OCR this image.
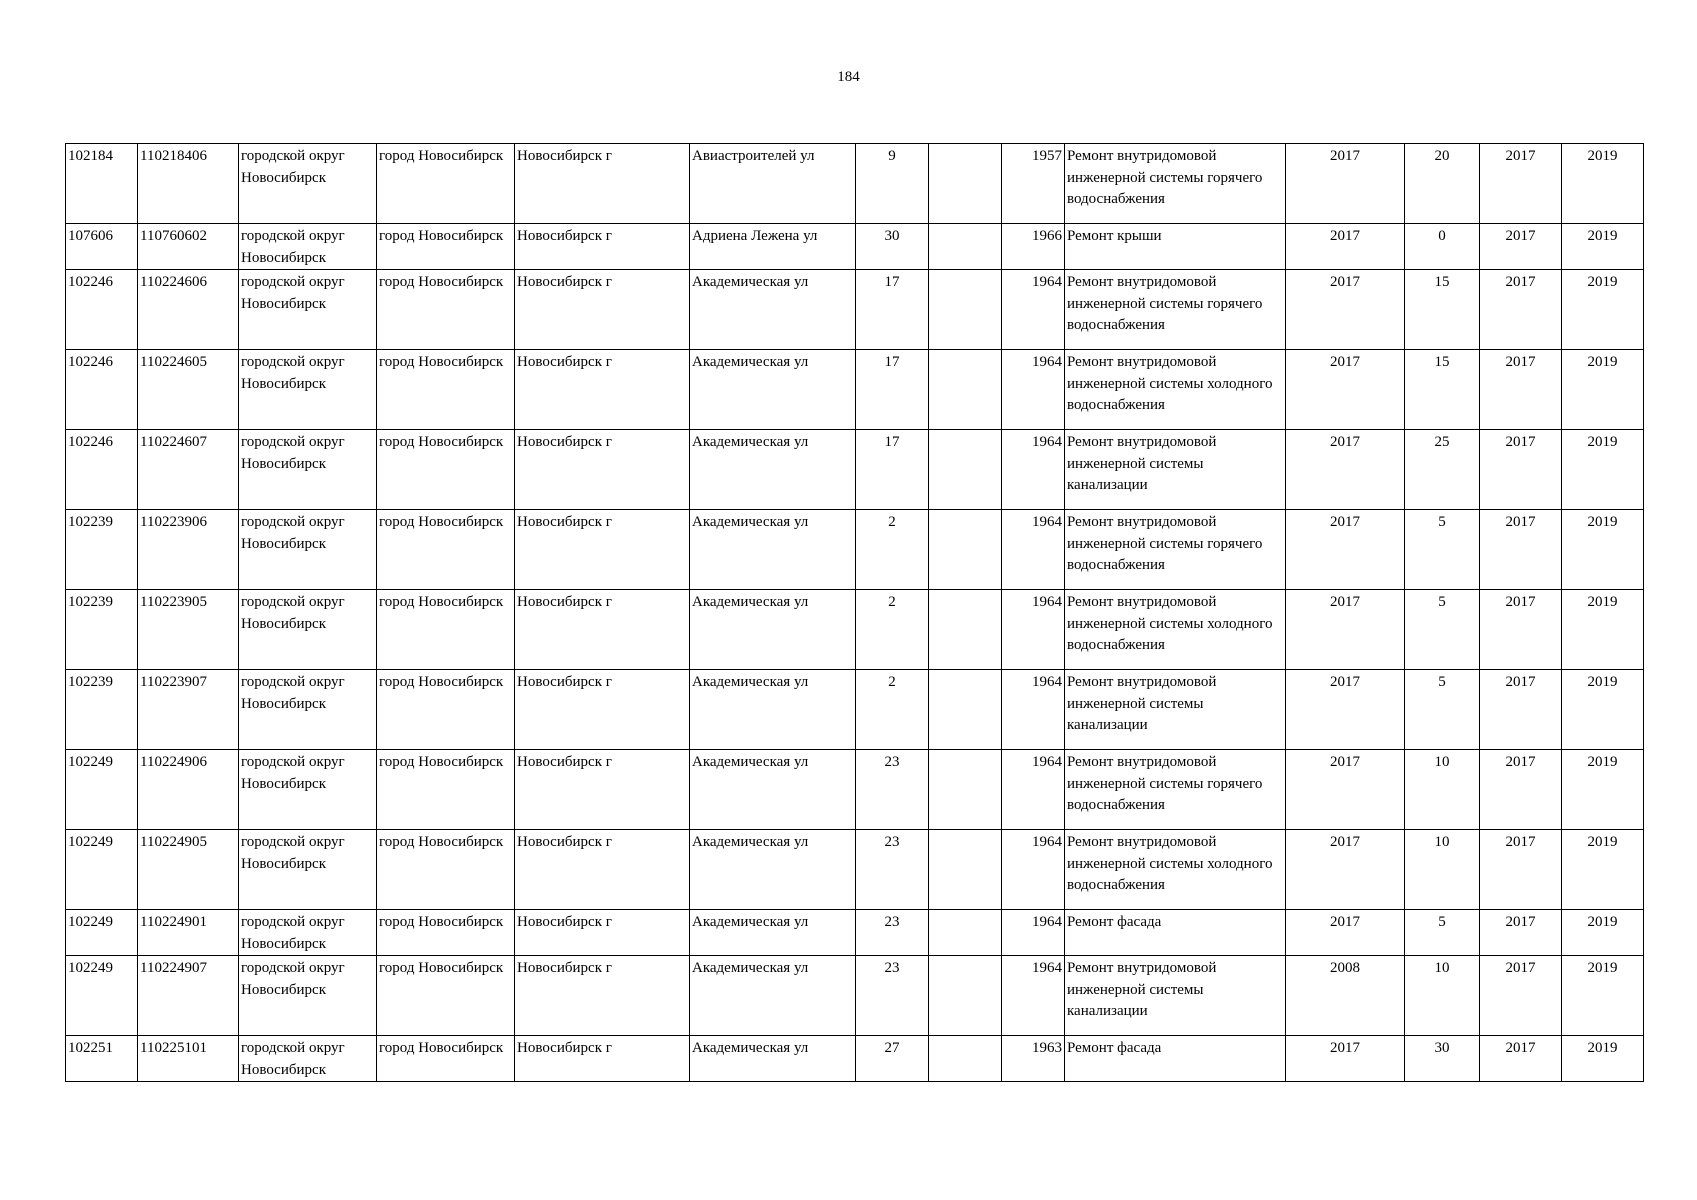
184
102184	110218406	городской округ Новосибирск	город Новосибирск	Новосибирск г	Авиастроителей ул	9		1957	Ремонт внутридомовой инженерной системы горячего водоснабжения	2017	20	2017	2019
107606	110760602	городской округ Новосибирск	город Новосибирск	Новосибирск г	Адриена Лежена ул	30		1966	Ремонт крыши	2017	0	2017	2019
102246	110224606	городской округ Новосибирск	город Новосибирск	Новосибирск г	Академическая ул	17		1964	Ремонт внутридомовой инженерной системы горячего водоснабжения	2017	15	2017	2019
102246	110224605	городской округ Новосибирск	город Новосибирск	Новосибирск г	Академическая ул	17		1964	Ремонт внутридомовой инженерной системы холодного водоснабжения	2017	15	2017	2019
102246	110224607	городской округ Новосибирск	город Новосибирск	Новосибирск г	Академическая ул	17		1964	Ремонт внутридомовой инженерной системы канализации	2017	25	2017	2019
102239	110223906	городской округ Новосибирск	город Новосибирск	Новосибирск г	Академическая ул	2		1964	Ремонт внутридомовой инженерной системы горячего водоснабжения	2017	5	2017	2019
102239	110223905	городской округ Новосибирск	город Новосибирск	Новосибирск г	Академическая ул	2		1964	Ремонт внутридомовой инженерной системы холодного водоснабжения	2017	5	2017	2019
102239	110223907	городской округ Новосибирск	город Новосибирск	Новосибирск г	Академическая ул	2		1964	Ремонт внутридомовой инженерной системы канализации	2017	5	2017	2019
102249	110224906	городской округ Новосибирск	город Новосибирск	Новосибирск г	Академическая ул	23		1964	Ремонт внутридомовой инженерной системы горячего водоснабжения	2017	10	2017	2019
102249	110224905	городской округ Новосибирск	город Новосибирск	Новосибирск г	Академическая ул	23		1964	Ремонт внутридомовой инженерной системы холодного водоснабжения	2017	10	2017	2019
102249	110224901	городской округ Новосибирск	город Новосибирск	Новосибирск г	Академическая ул	23		1964	Ремонт фасада	2017	5	2017	2019
102249	110224907	городской округ Новосибирск	город Новосибирск	Новосибирск г	Академическая ул	23		1964	Ремонт внутридомовой инженерной системы канализации	2008	10	2017	2019
102251	110225101	городской округ Новосибирск	город Новосибирск	Новосибирск г	Академическая ул	27		1963	Ремонт фасада	2017	30	2017	2019
